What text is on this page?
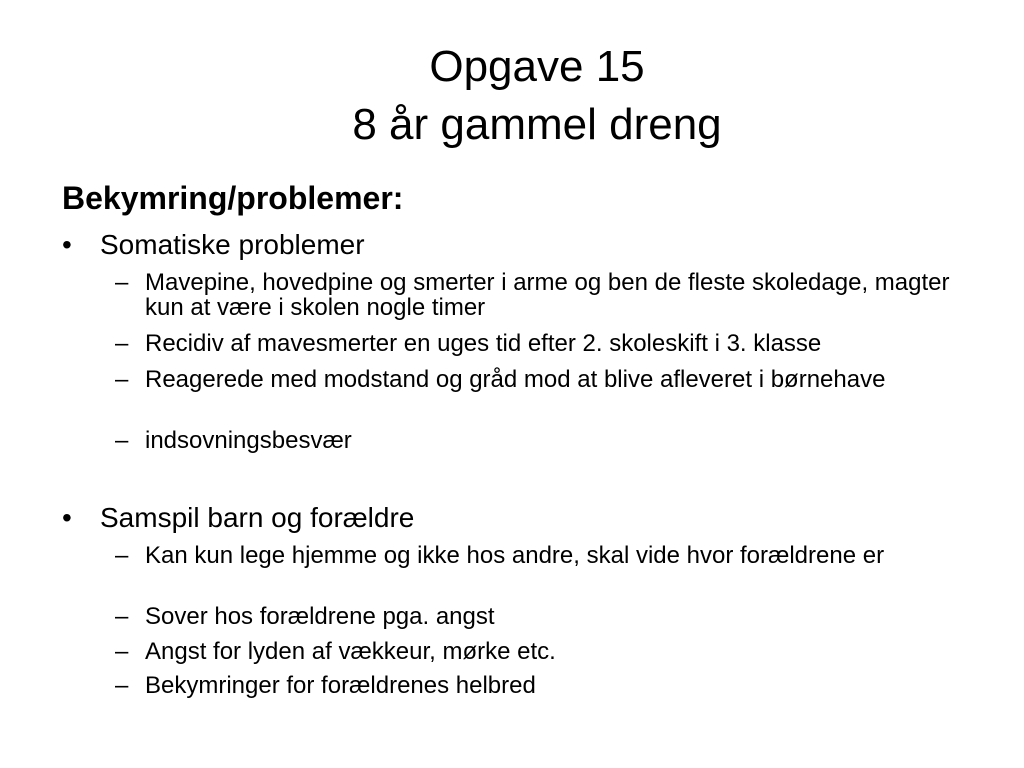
Opgave 15
8 år gammel dreng
Bekymring/problemer:
• Somatiske problemer
– Mavepine, hovedpine og smerter i arme og ben de fleste skoledage, magter kun at være i skolen nogle timer
– Recidiv af mavesmerter en uges tid efter 2. skoleskift i 3. klasse
– Reagerede med modstand og gråd mod at blive afleveret i børnehave
– indsovningsbesvær
• Samspil barn og forældre
– Kan kun lege hjemme og ikke hos andre, skal vide hvor forældrene er
– Sover hos forældrene pga. angst
– Angst for lyden af vækkeur, mørke etc.
– Bekymringer for forældrenes helbred
